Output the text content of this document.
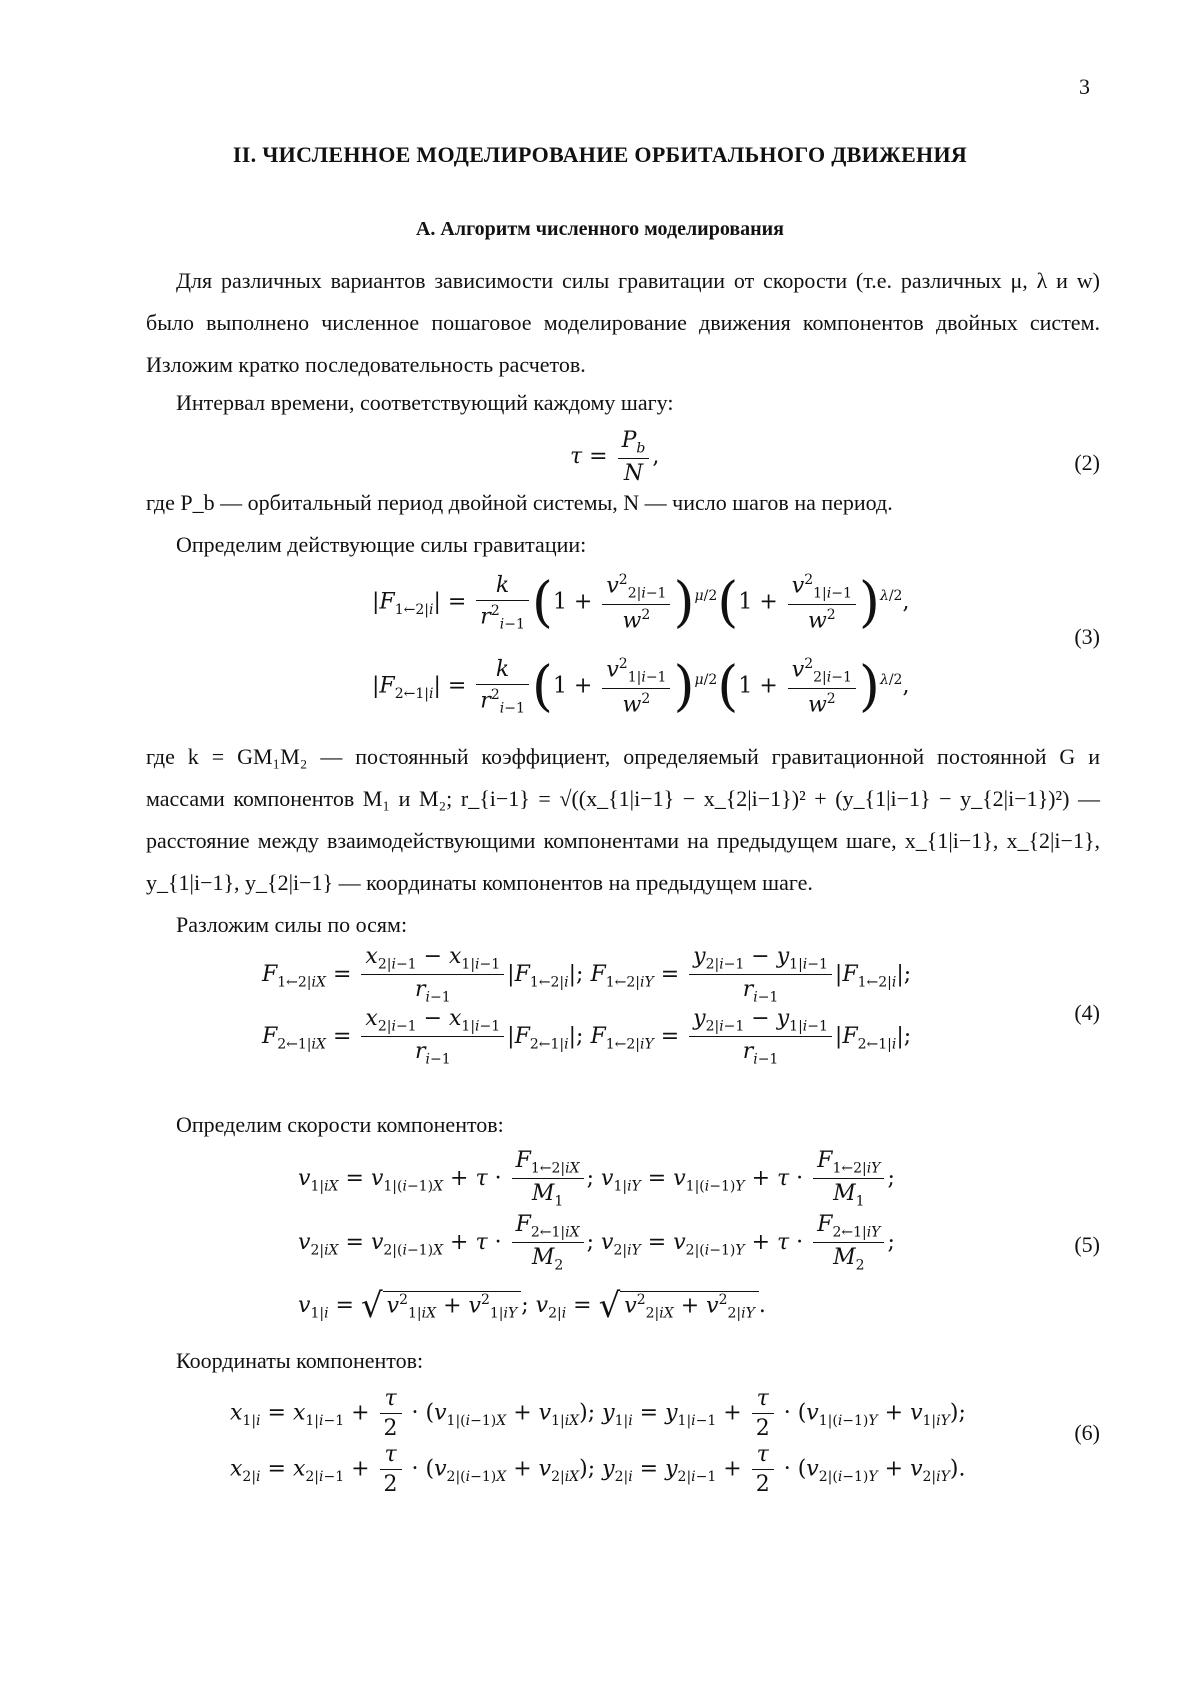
3
II. ЧИСЛЕННОЕ МОДЕЛИРОВАНИЕ ОРБИТАЛЬНОГО ДВИЖЕНИЯ
A. Алгоритм численного моделирования
Для различных вариантов зависимости силы гравитации от скорости (т.е. различных μ, λ и w) было выполнено численное пошаговое моделирование движения компонентов двойных систем. Изложим кратко последовательность расчетов.
Интервал времени, соответствующий каждому шагу:
$\tau = \frac{P_b}{N}$ ,	(2)
где P_b — орбитальный период двойной системы, N — число шагов на период.
Определим действующие силы гравитации:
$|F_{1\leftarrow 2|i}| = \frac{k}{r^2_{i-1}} (1 + \frac{v^2_{2|i-1}}{w^2} )^{\mu/2}(1 + \frac{v^2_{1|i-1}}{w^2} )^{\lambda/2}$,
$|F_{2\leftarrow 1|i}| = \frac{k}{r^2_{i-1}} (1 + \frac{v^2_{1|i-1}}{w^2} )^{\mu/2}(1 + \frac{v^2_{2|i-1}}{w^2} )^{\lambda/2}$,
(3)
где k = GM₁M₂ — постоянный коэффициент, определяемый гравитационной постоянной G и массами компонентов M₁ и M₂; r_{i−1} = √((x_{1|i−1} − x_{2|i−1})² + (y_{1|i−1} − y_{2|i−1})²) — расстояние между взаимодействующими компонентами на предыдущем шаге, x_{1|i−1}, x_{2|i−1}, y_{1|i−1}, y_{2|i−1} — координаты компонентов на предыдущем шаге.
Разложим силы по осям:
$F_{1\leftarrow 2|iX} = \frac{x_{2|i-1} - x_{1|i-1}}{r_{i-1}} |F_{1\leftarrow 2|i}|$; $F_{1\leftarrow 2|iY} = \frac{y_{2|i-1} - y_{1|i-1}}{r_{i-1}} |F_{1\leftarrow 2|i}|$;
$F_{2\leftarrow 1|iX} = \frac{x_{2|i-1} - x_{1|i-1}}{r_{i-1}} |F_{2\leftarrow 1|i}|$; $F_{1\leftarrow 2|iY} = \frac{y_{2|i-1} - y_{1|i-1}}{r_{i-1}} |F_{2\leftarrow 1|i}|$;
(4)
Определим скорости компонентов:
$v_{1|iX} = v_{1|(i-1)X} + \tau \cdot \frac{F_{1\leftarrow 2|iX}}{M_1}$ ; $v_{1|iY} = v_{1|(i-1)Y} + \tau \cdot \frac{F_{1\leftarrow 2|iY}}{M_1}$ ;
$v_{2|iX} = v_{2|(i-1)X} + \tau \cdot \frac{F_{2\leftarrow 1|iX}}{M_2}$ ; $v_{2|iY} = v_{2|(i-1)Y} + \tau \cdot \frac{F_{2\leftarrow 1|iY}}{M_2}$ ;
$v_{1|i}$ = √ $v^2_{1|iX} + v^2_{1|iY}$ ; $v_{2|i}$ = √ $v^2_{2|iX} + v^2_{2|iY}$ .
(5)
Координаты компонентов:
$x_{1|i} = x_{1|i-1} + \frac{\tau}{2} \cdot (v_{1|(i-1)X} + v_{1|iX})$; $y_{1|i} = y_{1|i-1} + \frac{\tau}{2} \cdot (v_{1|(i-1)Y} + v_{1|iY})$;
$x_{2|i} = x_{2|i-1} + \frac{\tau}{2} \cdot (v_{2|(i-1)X} + v_{2|iX})$; $y_{2|i} = y_{2|i-1} + \frac{\tau}{2} \cdot (v_{2|(i-1)Y} + v_{2|iY})$.
(6)
